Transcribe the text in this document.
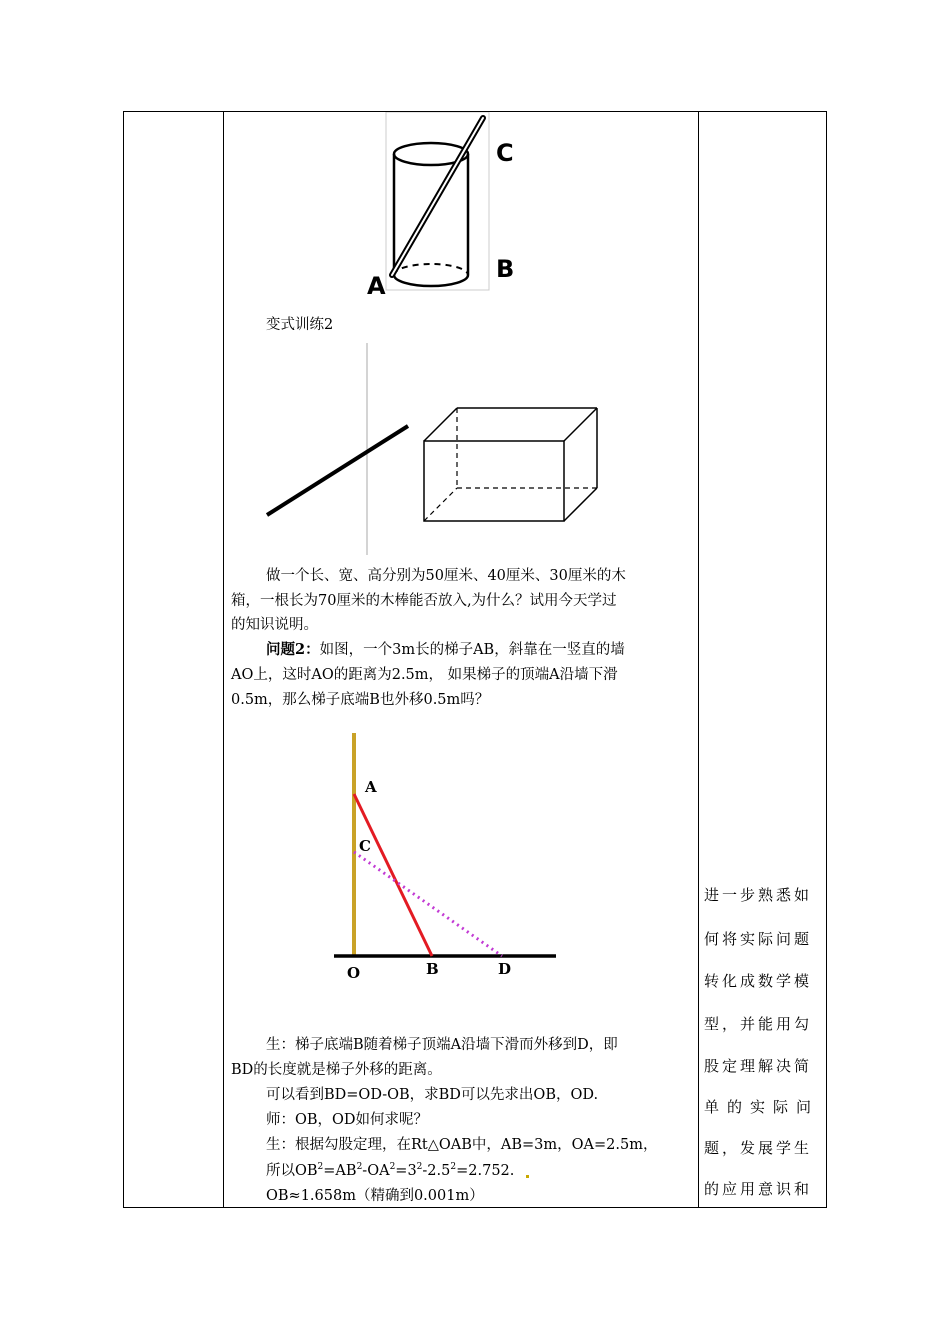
C
B
A
变式训练2
做一个长、宽、高分别为50厘米、40厘米、30厘米的木
箱，一根长为70厘米的木棒能否放入,为什么？试用今天学过
的知识说明。
问题2：如图，一个3m长的梯子AB，斜靠在一竖直的墙
AO上，这时AO的距离为2.5m， 如果梯子的顶端A沿墙下滑
0.5m，那么梯子底端B也外移0.5m吗？
A
C
O	B	D
生：梯子底端B随着梯子顶端A沿墙下滑而外移到D，即
BD的长度就是梯子外移的距离。
可以看到BD=OD-OB，求BD可以先求出OB，OD.
师：OB，OD如何求呢？
生：根据勾股定理，在Rt△OAB中，AB=3m，OA=2.5m，
所以$OB^2=AB^2-OA^2=3^2-2.5^2=2.752$.
OB≈1.658m（精确到0.001m）
进一步熟悉如
何将实际问题
转化成数学模
型，并能用勾
股定理解决简
单的实际问
题，发展学生
的应用意识和
